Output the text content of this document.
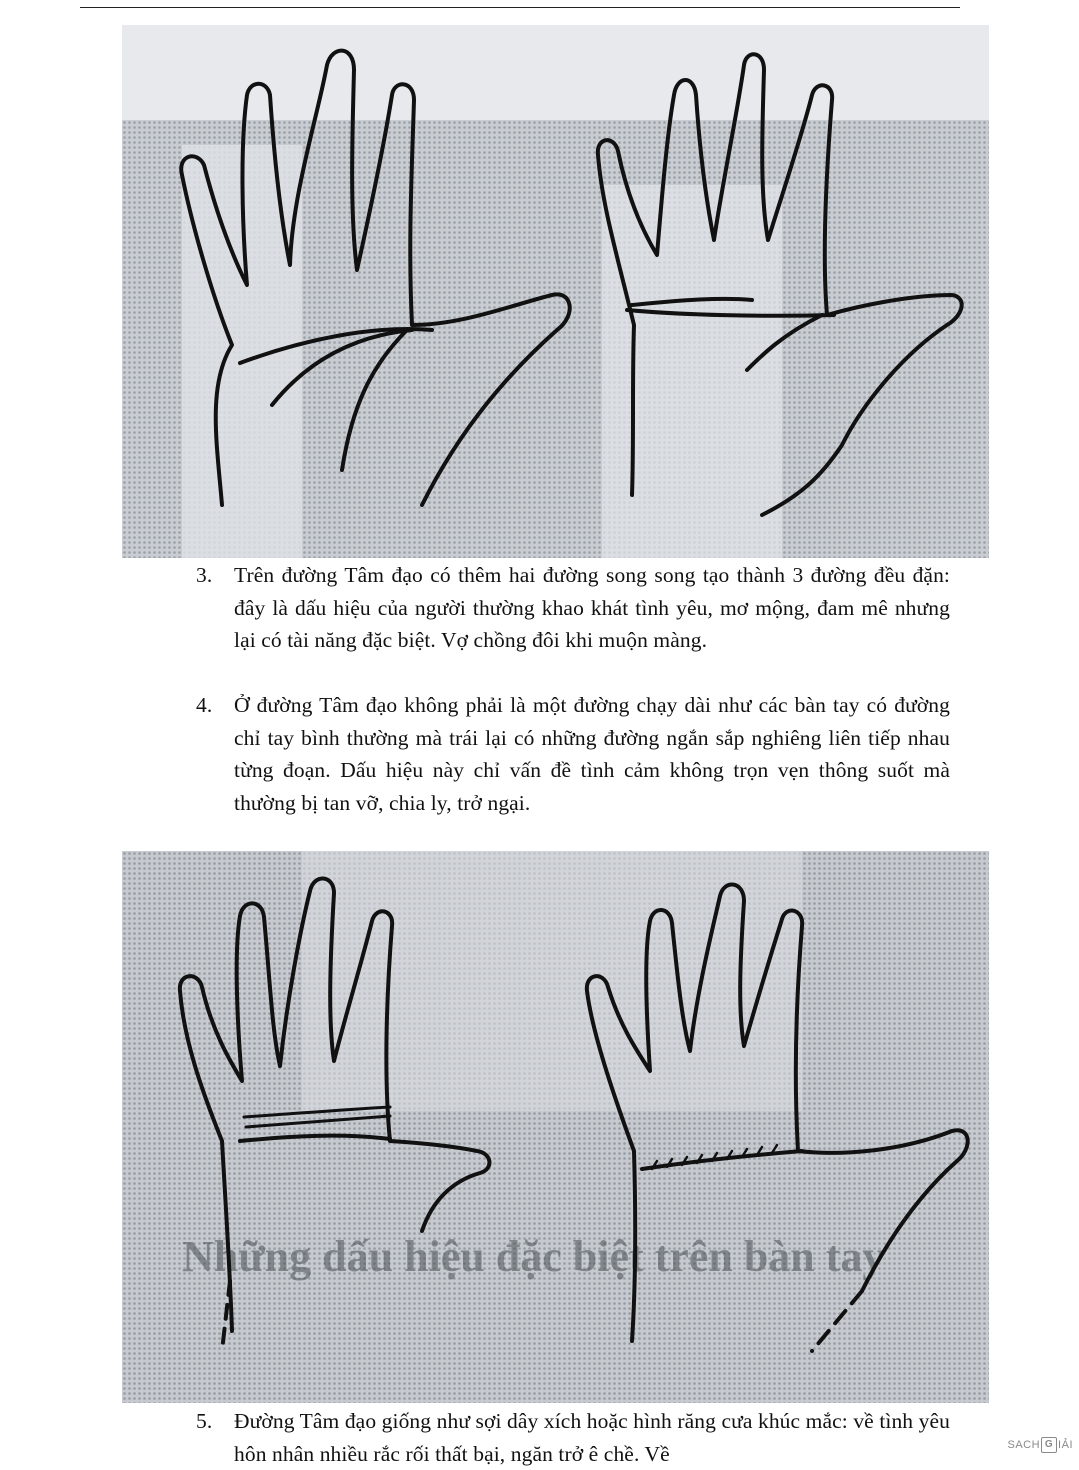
3.	Trên đường Tâm đạo có thêm hai đường song song tạo thành 3 đường đều đặn: đây là dấu hiệu của người thường khao khát tình yêu, mơ mộng, đam mê nhưng lại có tài năng đặc biệt. Vợ chồng đôi khi muộn màng.
4.	Ở đường Tâm đạo không phải là một đường chạy dài như các bàn tay có đường chỉ tay bình thường mà trái lại có những đường ngắn sắp nghiêng liên tiếp nhau từng đoạn. Dấu hiệu này chỉ vấn đề tình cảm không trọn vẹn thông suốt mà thường bị tan vỡ, chia ly, trở ngại.
Những dấu hiệu đặc biệt trên bàn tay
5.	Đường Tâm đạo giống như sợi dây xích hoặc hình răng cưa khúc mắc: về tình yêu hôn nhân nhiều rắc rối thất bại, ngăn trở ê chề. Về	SACH G IẢI
